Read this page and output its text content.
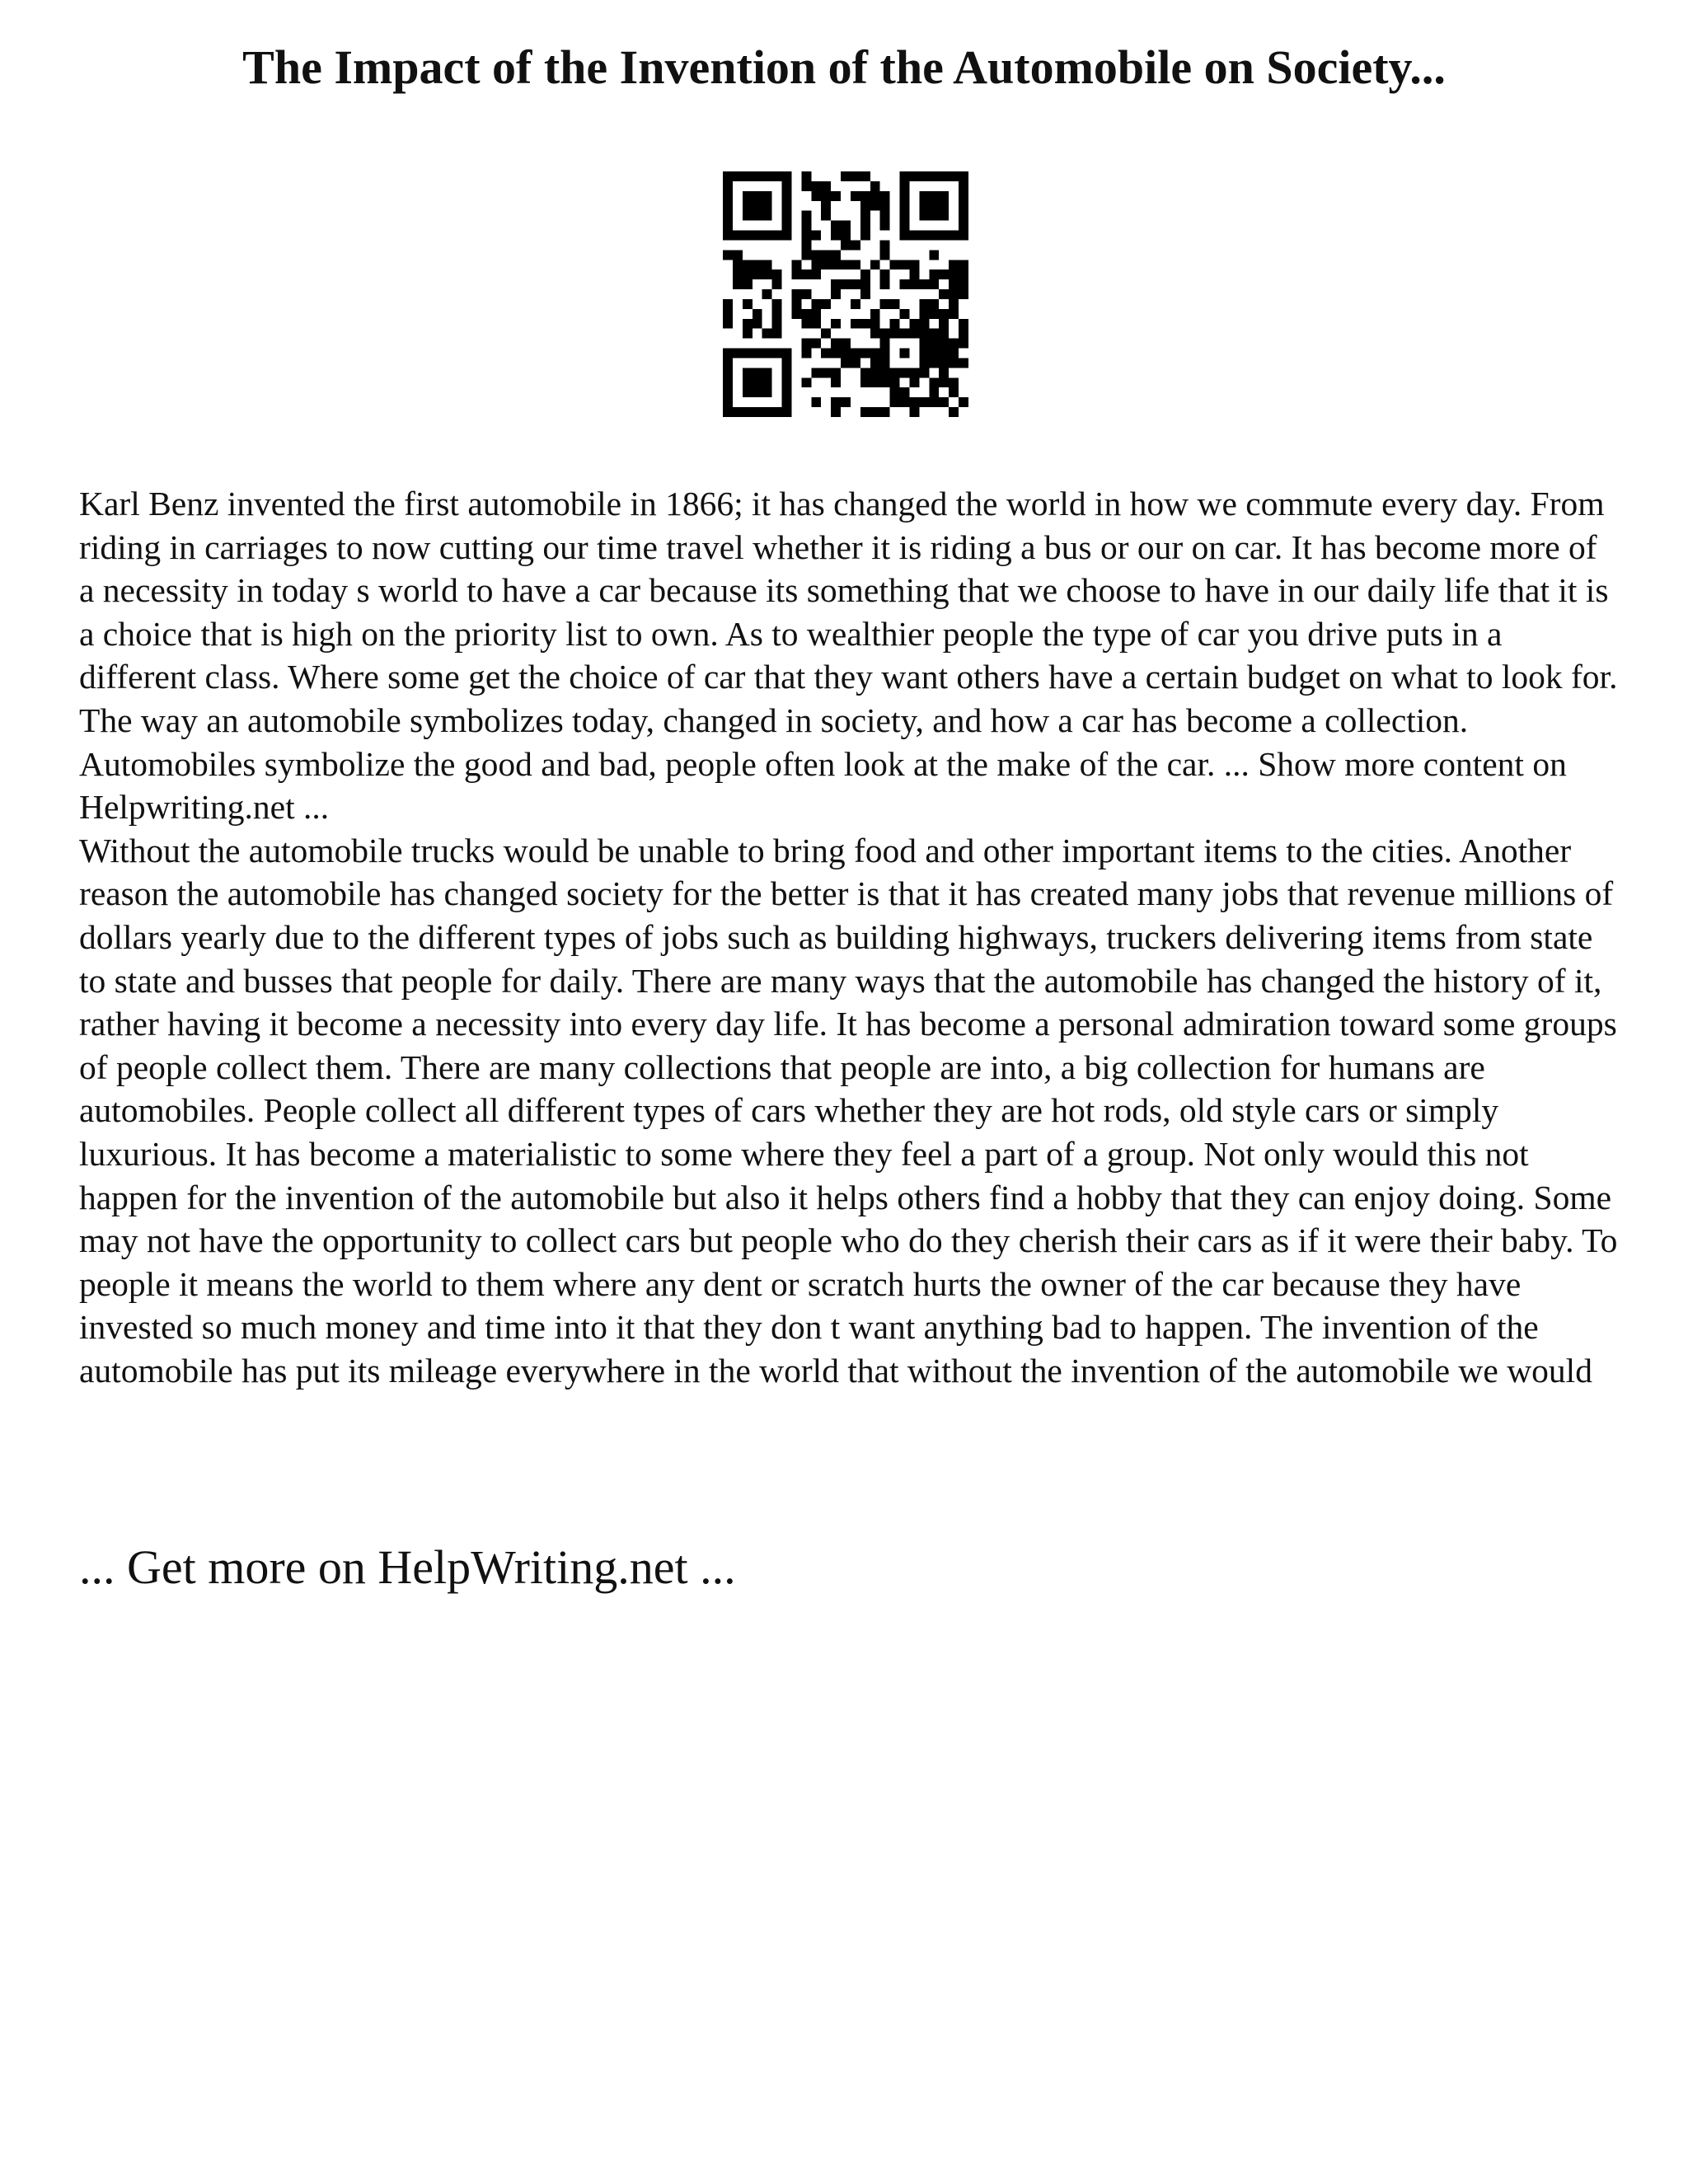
The Impact of the Invention of the Automobile on Society...

Karl Benz invented the first automobile in 1866; it has changed the world in how we commute every day. From riding in carriages to now cutting our time travel whether it is riding a bus or our on car. It has become more of a necessity in today s world to have a car because its something that we choose to have in our daily life that it is a choice that is high on the priority list to own. As to wealthier people the type of car you drive puts in a different class. Where some get the choice of car that they want others have a certain budget on what to look for. The way an automobile symbolizes today, changed in society, and how a car has become a collection. Automobiles symbolize the good and bad, people often look at the make of the car. ... Show more content on Helpwriting.net ...

Without the automobile trucks would be unable to bring food and other important items to the cities. Another reason the automobile has changed society for the better is that it has created many jobs that revenue millions of dollars yearly due to the different types of jobs such as building highways, truckers delivering items from state to state and busses that people for daily. There are many ways that the automobile has changed the history of it, rather having it become a necessity into every day life. It has become a personal admiration toward some groups of people collect them. There are many collections that people are into, a big collection for humans are automobiles. People collect all different types of cars whether they are hot rods, old style cars or simply luxurious. It has become a materialistic to some where they feel a part of a group. Not only would this not happen for the invention of the automobile but also it helps others find a hobby that they can enjoy doing. Some may not have the opportunity to collect cars but people who do they cherish their cars as if it were their baby. To people it means the world to them where any dent or scratch hurts the owner of the car because they have invested so much money and time into it that they don t want anything bad to happen. The invention of the automobile has put its mileage everywhere in the world that without the invention of the automobile we would

... Get more on HelpWriting.net ...
